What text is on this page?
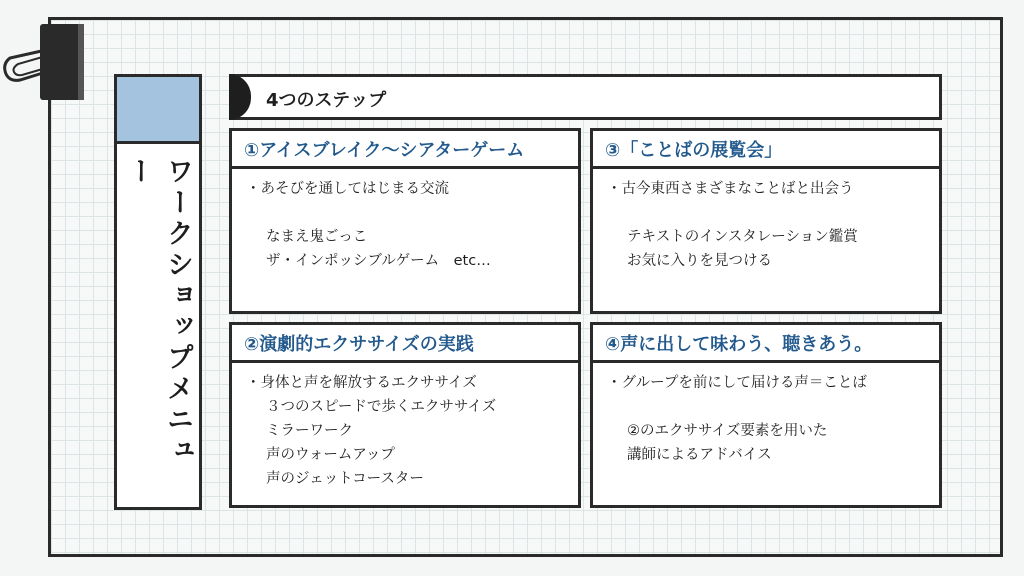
ワークショップメニュー
4つのステップ
①アイスブレイク〜シアターゲーム
・あそびを通してはじまる交流
なまえ鬼ごっこ
ザ・インポッシブルゲーム　etc…
③「ことばの展覧会」
・古今東西さまざまなことばと出会う
テキストのインスタレーション鑑賞
お気に入りを見つける
②演劇的エクササイズの実践
・身体と声を解放するエクササイズ
３つのスピードで歩くエクササイズ
ミラーワーク
声のウォームアップ
声のジェットコースター
④声に出して味わう、聴きあう。
・グループを前にして届ける声＝ことば
②のエクササイズ要素を用いた
講師によるアドバイス
